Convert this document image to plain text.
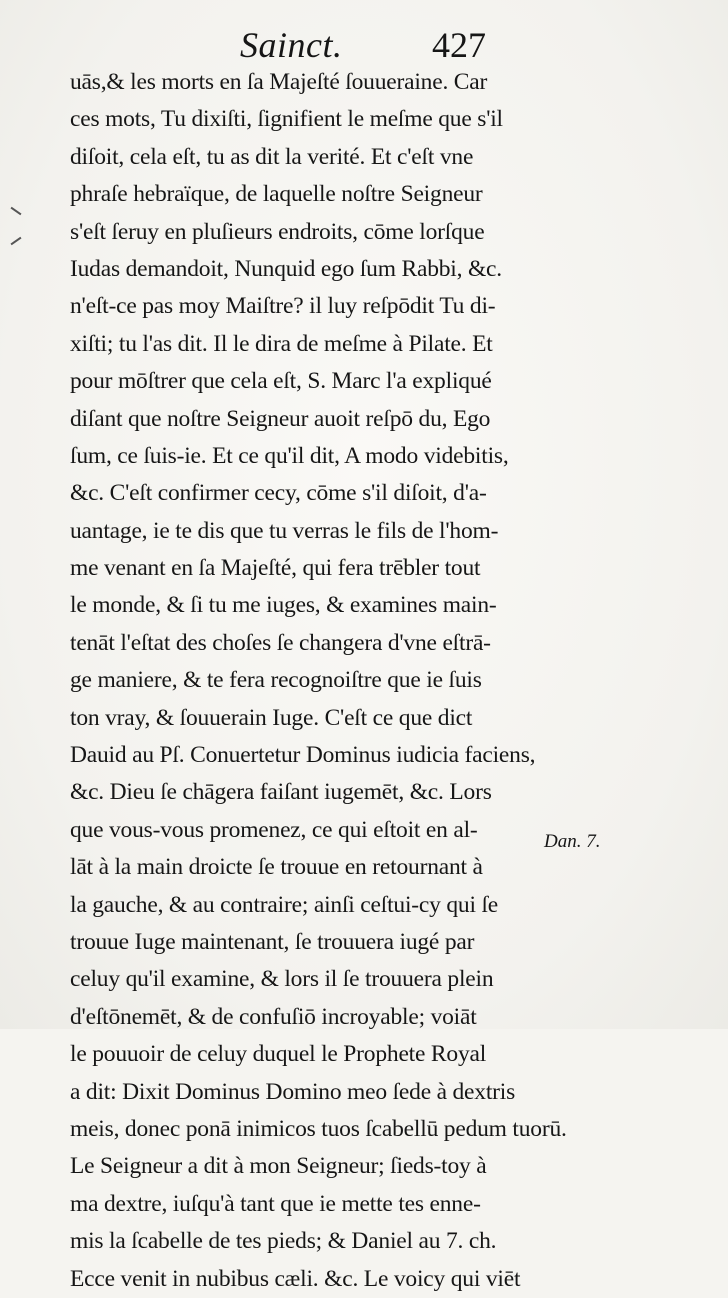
Sainct. 427
uās,& les morts en ſa Majeſté ſouueraine. Car
ces mots, Tu dixiſti, ſignifient le meſme que s'il
diſoit, cela eſt, tu as dit la verité. Et c'eſt vne
phraſe hebraïque, de laquelle noſtre Seigneur
s'eſt ſeruy en pluſieurs endroits, cōme lorſque
Iudas demandoit, Nunquid ego ſum Rabbi, &c.
n'eſt-ce pas moy Maiſtre? il luy reſpōdit Tu di-
xiſti; tu l'as dit. Il le dira de meſme à Pilate. Et
pour mōſtrer que cela eſt, S. Marc l'a expliqué
diſant que noſtre Seigneur auoit reſpō du, Ego
ſum, ce ſuis-ie. Et ce qu'il dit, A modo videbitis,
&c. C'eſt confirmer cecy, cōme s'il diſoit, d'a-
uantage, ie te dis que tu verras le fils de l'hom-
me venant en ſa Majeſté, qui fera trēbler tout
le monde, & ſi tu me iuges, & examines main-
tenāt l'eſtat des choſes ſe changera d'vne eſtrā-
ge maniere, & te fera recognoiſtre que ie ſuis
ton vray, & ſouuerain Iuge. C'eſt ce que dict
Dauid au Pſ. Conuertetur Dominus iudicia faciens,
&c. Dieu ſe chāgera faiſant iugemēt, &c. Lors
que vous-vous promenez, ce qui eſtoit en al-
lāt à la main droicte ſe trouue en retournant à
la gauche, & au contraire; ainſi ceſtui-cy qui ſe
trouue Iuge maintenant, ſe trouuera iugé par
celuy qu'il examine, & lors il ſe trouuera plein
d'eſtōnemēt, & de confuſiō incroyable; voiāt
le pouuoir de celuy duquel le Prophete Royal
a dit: Dixit Dominus Domino meo ſede à dextris
meis, donec ponā inimicos tuos ſcabellū pedum tuorū.
Le Seigneur a dit à mon Seigneur; ſieds-toy à
ma dextre, iuſqu'à tant que ie mette tes enne-
mis la ſcabelle de tes pieds; & Daniel au 7. ch.
Ecce venit in nubibus cæli. &c. Le voicy qui viēt
Dan. 7.
